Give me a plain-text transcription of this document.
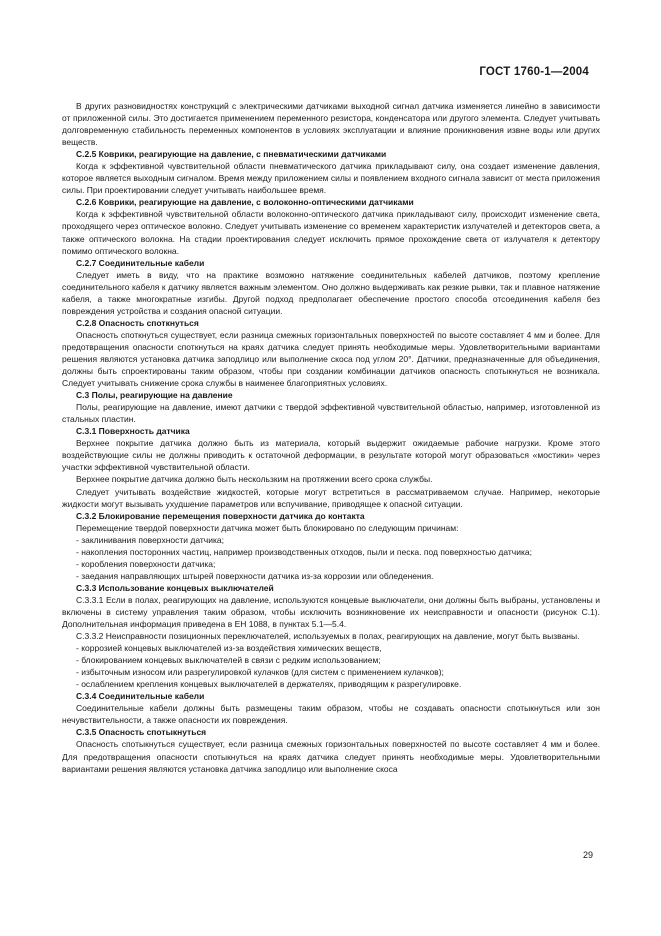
ГОСТ 1760-1—2004

В других разновидностях конструкций с электрическими датчиками выходной сигнал датчика изменяется линейно в зависимости от приложенной силы. Это достигается применением переменного резистора, конденсатора или другого элемента. Следует учитывать долговременную стабильность переменных компонентов в условиях эксплуатации и влияние проникновения извне воды или других веществ.

С.2.5 Коврики, реагирующие на давление, с пневматическими датчиками

Когда к эффективной чувствительной области пневматического датчика прикладывают силу, она создает изменение давления, которое является выходным сигналом. Время между приложением силы и появлением входного сигнала зависит от места приложения силы. При проектировании следует учитывать наибольшее время.

С.2.6 Коврики, реагирующие на давление, с волоконно-оптическими датчиками

Когда к эффективной чувствительной области волоконно-оптического датчика прикладывают силу, происходит изменение света, проходящего через оптическое волокно. Следует учитывать изменение со временем характеристик излучателей и детекторов света, а также оптического волокна. На стадии проектирования следует исключить прямое прохождение света от излучателя к детектору помимо оптического волокна.

С.2.7 Соединительные кабели

Следует иметь в виду, что на практике возможно натяжение соединительных кабелей датчиков, поэтому крепление соединительного кабеля к датчику является важным элементом. Оно должно выдерживать как резкие рывки, так и плавное натяжение кабеля, а также многократные изгибы. Другой подход предполагает обеспечение простого способа отсоединения кабеля без повреждения устройства и создания опасной ситуации.

С.2.8 Опасность споткнуться

Опасность споткнуться существует, если разница смежных горизонтальных поверхностей по высоте составляет 4 мм и более. Для предотвращения опасности споткнуться на краях датчика следует принять необходимые меры. Удовлетворительными вариантами решения являются установка датчика заподлицо или выполнение скоса под углом 20°. Датчики, предназначенные для объединения, должны быть спроектированы таким образом, чтобы при создании комбинации датчиков опасность спотыкнуться не возникала. Следует учитывать снижение срока службы в наименее благоприятных условиях.

С.3 Полы, реагирующие на давление

Полы, реагирующие на давление, имеют датчики с твердой эффективной чувствительной областью, например, изготовленной из стальных пластин.

С.3.1 Поверхность датчика

Верхнее покрытие датчика должно быть из материала, который выдержит ожидаемые рабочие нагрузки. Кроме этого воздействующие силы не должны приводить к остаточной деформации, в результате которой могут образоваться «мостики» через участки эффективной чувствительной области.

Верхнее покрытие датчика должно быть нескользким на протяжении всего срока службы.

Следует учитывать воздействие жидкостей, которые могут встретиться в рассматриваемом случае. Например, некоторые жидкости могут вызывать ухудшение параметров или вспучивание, приводящее к опасной ситуации.

С.3.2 Блокирование перемещения поверхности датчика до контакта

Перемещение твердой поверхности датчика может быть блокировано по следующим причинам:

- заклинивания поверхности датчика;

- накопления посторонних частиц, например производственных отходов, пыли и песка. под поверхностью датчика;

- коробления поверхности датчика;

- заедания направляющих штырей поверхности датчика из-за коррозии или обледенения.

С.3.3 Использование концевых выключателей

С.3.3.1 Если в полах, реагирующих на давление, используются концевые выключатели, они должны быть выбраны, установлены и включены в систему управления таким образом, чтобы исключить возникновение их неисправности и опасности (рисунок С.1). Дополнительная информация приведена в ЕН 1088, в пунктах 5.1—5.4.

С.3.3.2 Неисправности позиционных переключателей, используемых в полах, реагирующих на давление, могут быть вызваны.

- коррозией концевых выключателей из-за воздействия химических веществ,

- блокированием концевых выключателей в связи с редким использованием;

- избыточным износом или разрегулировкой кулачков (для систем с применением кулачков);

- ослаблением крепления концевых выключателей в держателях, приводящим к разрегулировке.

С.3.4 Соединительные кабели

Соединительные кабели должны быть размещены таким образом, чтобы не создавать опасности спотыкнуться или зон нечувствительности, а также опасности их повреждения.

С.3.5 Опасность спотыкнуться

Опасность спотыкнуться существует, если разница смежных горизонтальных поверхностей по высоте составляет 4 мм и более. Для предотвращения опасности спотыкнуться на краях датчика следует принять необходимые меры. Удовлетворительными вариантами решения являются установка датчика заподлицо или выполнение скоса

29
